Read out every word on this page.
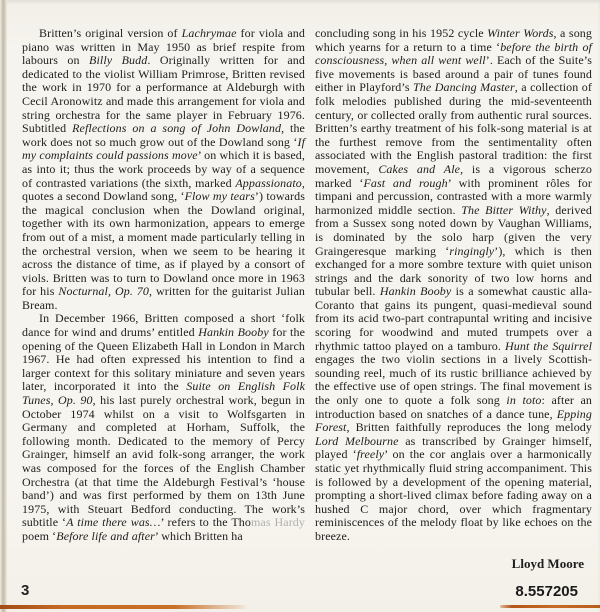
Britten’s original version of Lachrymae for viola and piano was written in May 1950 as brief respite from labours on Billy Budd. Originally written for and dedicated to the violist William Primrose, Britten revised the work in 1970 for a performance at Aldeburgh with Cecil Aronowitz and made this arrangement for viola and string orchestra for the same player in February 1976. Subtitled Reflections on a song of John Dowland, the work does not so much grow out of the Dowland song ‘If my complaints could passions move’ on which it is based, as into it; thus the work proceeds by way of a sequence of contrasted variations (the sixth, marked Appassionato, quotes a second Dowland song, ‘Flow my tears’) towards the magical conclusion when the Dowland original, together with its own harmonization, appears to emerge from out of a mist, a moment made particularly telling in the orchestral version, when we seem to be hearing it across the distance of time, as if played by a consort of viols. Britten was to turn to Dowland once more in 1963 for his Nocturnal, Op. 70, written for the guitarist Julian Bream.

In December 1966, Britten composed a short ‘folk dance for wind and drums’ entitled Hankin Booby for the opening of the Queen Elizabeth Hall in London in March 1967. He had often expressed his intention to find a larger context for this solitary miniature and seven years later, incorporated it into the Suite on English Folk Tunes, Op. 90, his last purely orchestral work, begun in October 1974 whilst on a visit to Wolfsgarten in Germany and completed at Horham, Suffolk, the following month. Dedicated to the memory of Percy Grainger, himself an avid folk-song arranger, the work was composed for the forces of the English Chamber Orchestra (at that time the Aldeburgh Festival’s ‘house band’) and was first performed by them on 13th June 1975, with Steuart Bedford conducting. The work’s subtitle ‘A time there was…’ refers to the Thomas Hardy poem ‘Before life and after’ which Britten ha

concluding song in his 1952 cycle Winter Words, a song which yearns for a return to a time ‘before the birth of consciousness, when all went well’. Each of the Suite’s five movements is based around a pair of tunes found either in Playford’s The Dancing Master, a collection of folk melodies published during the mid-seventeenth century, or collected orally from authentic rural sources. Britten’s earthy treatment of his folk-song material is at the furthest remove from the sentimentality often associated with the English pastoral tradition: the first movement, Cakes and Ale, is a vigorous scherzo marked ‘Fast and rough’ with prominent rôles for timpani and percussion, contrasted with a more warmly harmonized middle section. The Bitter Withy, derived from a Sussex song noted down by Vaughan Williams, is dominated by the solo harp (given the very Graingeresque marking ‘ringingly’), which is then exchanged for a more sombre texture with quiet unison strings and the dark sonority of two low horns and tubular bell. Hankin Booby is a somewhat caustic alla-Coranto that gains its pungent, quasi-medieval sound from its acid two-part contrapuntal writing and incisive scoring for woodwind and muted trumpets over a rhythmic tattoo played on a tamburo. Hunt the Squirrel engages the two violin sections in a lively Scottish-sounding reel, much of its rustic brilliance achieved by the effective use of open strings. The final movement is the only one to quote a folk song in toto: after an introduction based on snatches of a dance tune, Epping Forest, Britten faithfully reproduces the long melody Lord Melbourne as transcribed by Grainger himself, played ‘freely’ on the cor anglais over a harmonically static yet rhythmically fluid string accompaniment. This is followed by a development of the opening material, prompting a short-lived climax before fading away on a hushed C major chord, over which fragmentary reminiscences of the melody float by like echoes on the breeze.

Lloyd Moore
3	8.557205
